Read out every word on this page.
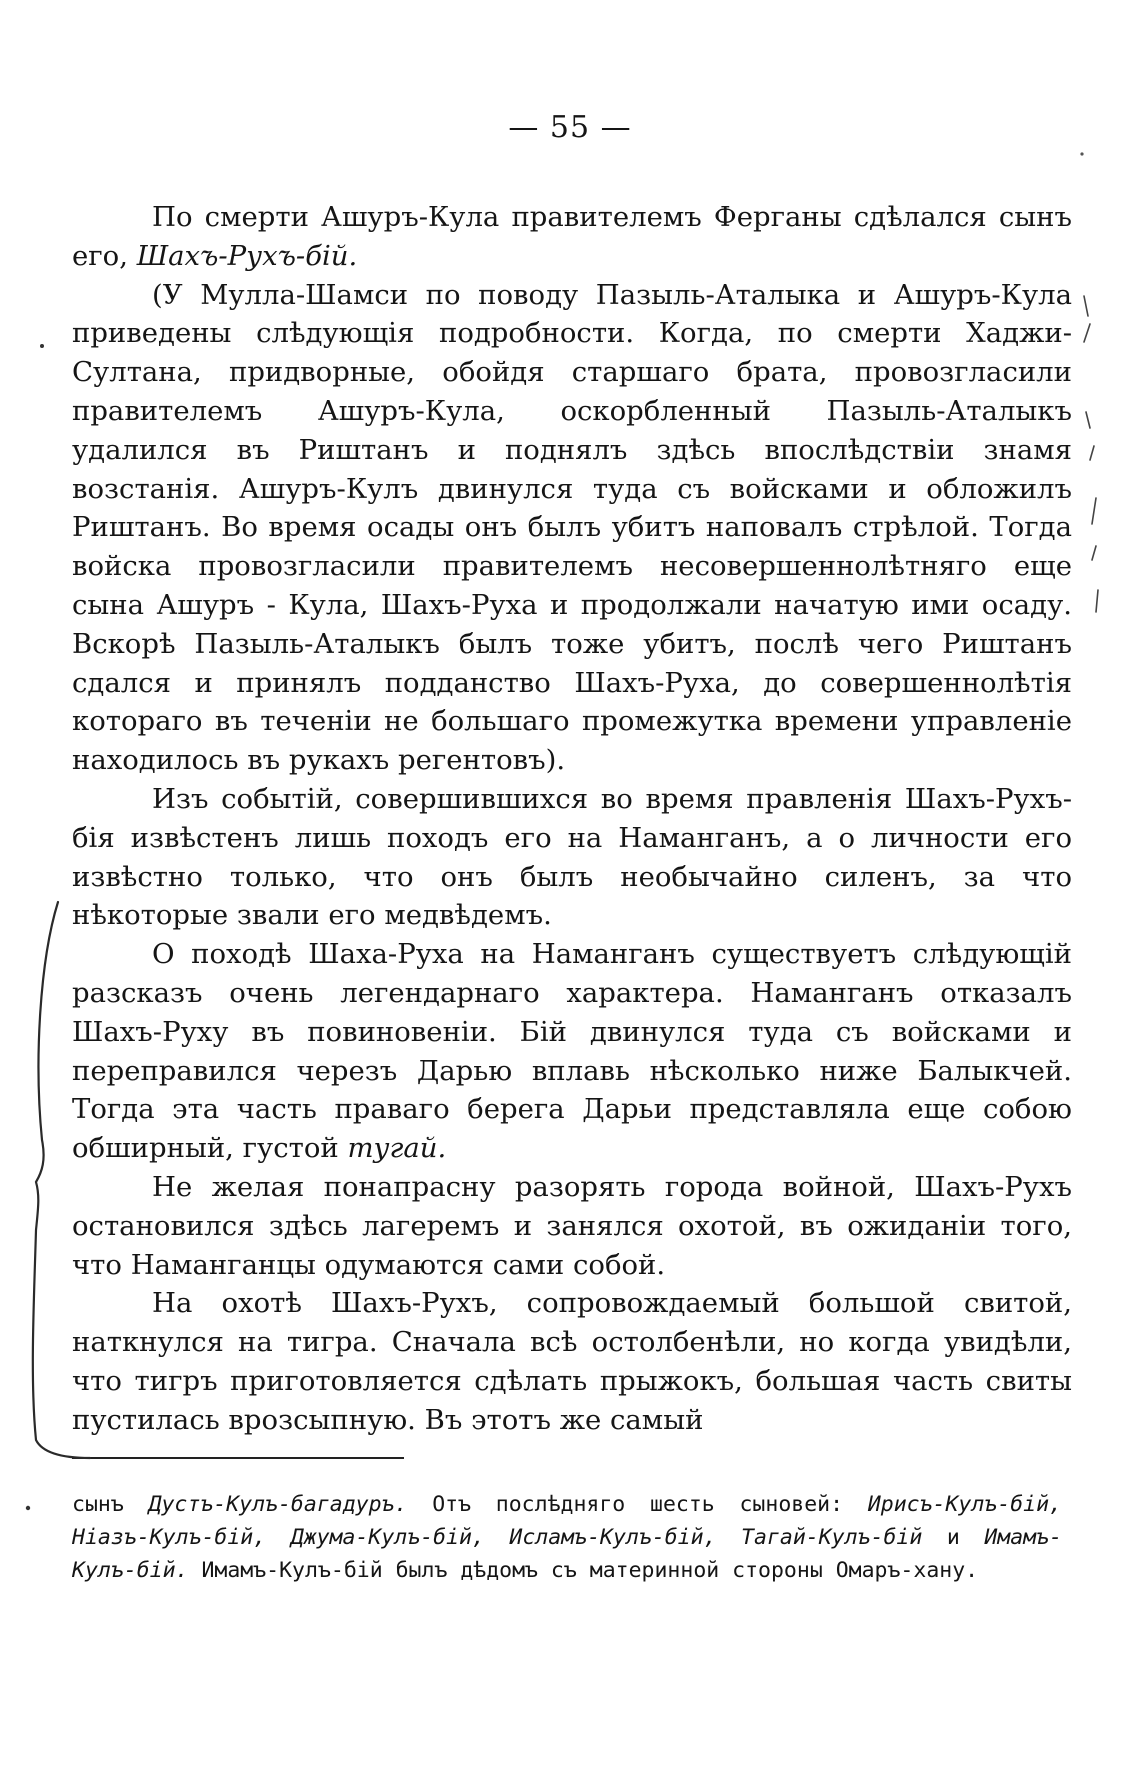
— 55 —

По смерти Ашуръ-Кула правителемъ Ферганы сдѣлался сынъ его, Шахъ-Рухъ-бій.

(У Мулла-Шамси по поводу Пазыль-Аталыка и Ашуръ-Кула приведены слѣдующія подробности. Когда, по смерти Хаджи-Султана, придворные, обойдя старшаго брата, провозгласили правителемъ Ашуръ-Кула, оскорбленный Пазыль-Аталыкъ удалился въ Риштанъ и поднялъ здѣсь впослѣдствіи знамя возстанія. Ашуръ-Кулъ двинулся туда съ войсками и обложилъ Риштанъ. Во время осады онъ былъ убитъ наповалъ стрѣлой. Тогда войска провозгласили правителемъ несовершеннолѣтняго еще сына Ашуръ - Кула, Шахъ-Руха и продолжали начатую ими осаду. Вскорѣ Пазыль-Аталыкъ былъ тоже убитъ, послѣ чего Риштанъ сдался и принялъ подданство Шахъ-Руха, до совершеннолѣтія котораго въ теченіи не большаго промежутка времени управленіе находилось въ рукахъ регентовъ).

Изъ событій, совершившихся во время правленія Шахъ-Рухъ-бія извѣстенъ лишь походъ его на Наманганъ, а о личности его извѣстно только, что онъ былъ необычайно силенъ, за что нѣкоторые звали его медвѣдемъ.

О походѣ Шаха-Руха на Наманганъ существуетъ слѣдующій разсказъ очень легендарнаго характера. Наманганъ отказалъ Шахъ-Руху въ повиновеніи. Бій двинулся туда съ войсками и переправился черезъ Дарью вплавь нѣсколько ниже Балыкчей. Тогда эта часть праваго берега Дарьи представляла еще собою обширный, густой тугай.

Не желая понапрасну разорять города войной, Шахъ-Рухъ остановился здѣсь лагеремъ и занялся охотой, въ ожиданіи того, что Наманганцы одумаются сами собой.

На охотѣ Шахъ-Рухъ, сопровождаемый большой свитой, наткнулся на тигра. Сначала всѣ остолбенѣли, но когда увидѣли, что тигръ приготовляется сдѣлать прыжокъ, большая часть свиты пустилась врозсыпную. Въ этотъ же самый

сынъ Дустъ-Кулъ-багадуръ. Отъ послѣдняго шесть сыновей: Ирисъ-Кулъ-бій, Ніазъ-Кулъ-бій, Джума-Кулъ-бій, Исламъ-Кулъ-бій, Тагай-Кулъ-бій и Имамъ-Кулъ-бій. Имамъ-Кулъ-бій былъ дѣдомъ съ материнной стороны Омаръ-хану.
